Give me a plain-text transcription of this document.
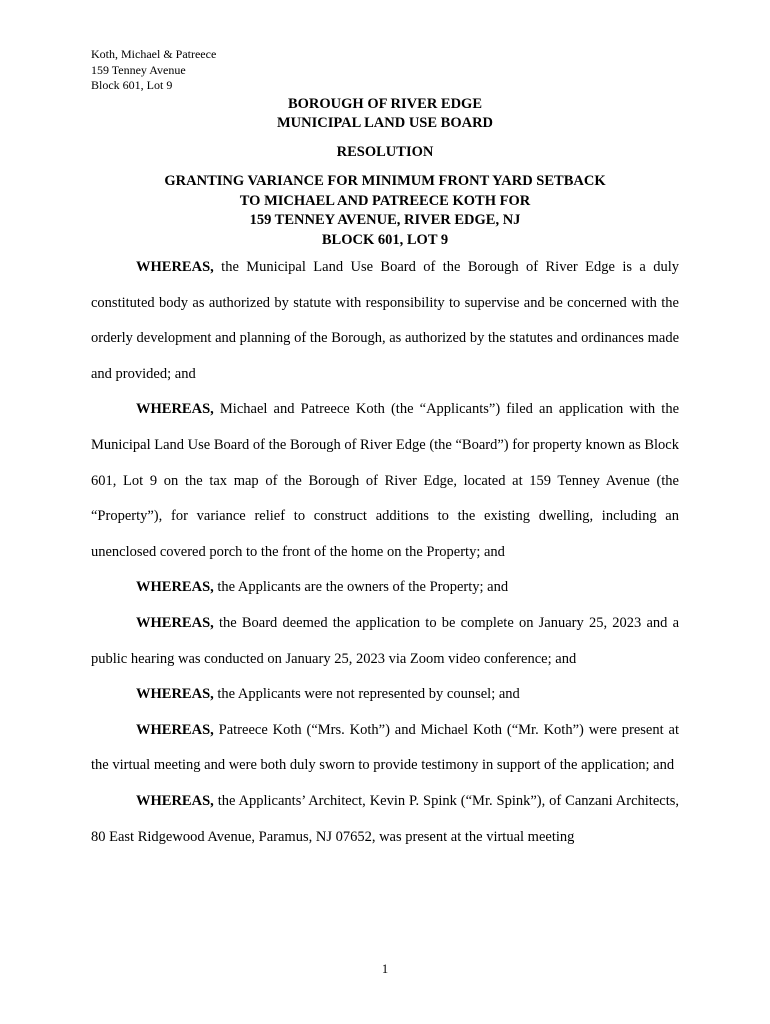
Koth, Michael & Patreece
159 Tenney Avenue
Block 601, Lot 9
BOROUGH OF RIVER EDGE
MUNICIPAL LAND USE BOARD
RESOLUTION
GRANTING VARIANCE FOR MINIMUM FRONT YARD SETBACK
TO MICHAEL AND PATREECE KOTH FOR
159 TENNEY AVENUE, RIVER EDGE, NJ
BLOCK 601, LOT 9

WHEREAS, the Municipal Land Use Board of the Borough of River Edge is a duly constituted body as authorized by statute with responsibility to supervise and be concerned with the orderly development and planning of the Borough, as authorized by the statutes and ordinances made and provided; and

WHEREAS, Michael and Patreece Koth (the “Applicants”) filed an application with the Municipal Land Use Board of the Borough of River Edge (the “Board”) for property known as Block 601, Lot 9 on the tax map of the Borough of River Edge, located at 159 Tenney Avenue (the “Property”), for variance relief to construct additions to the existing dwelling, including an unenclosed covered porch to the front of the home on the Property; and

WHEREAS, the Applicants are the owners of the Property; and

WHEREAS, the Board deemed the application to be complete on January 25, 2023 and a public hearing was conducted on January 25, 2023 via Zoom video conference; and

WHEREAS, the Applicants were not represented by counsel; and

WHEREAS, Patreece Koth (“Mrs. Koth”) and Michael Koth (“Mr. Koth”) were present at the virtual meeting and were both duly sworn to provide testimony in support of the application; and

WHEREAS, the Applicants’ Architect, Kevin P. Spink (“Mr. Spink”), of Canzani Architects, 80 East Ridgewood Avenue, Paramus, NJ 07652, was present at the virtual meeting

1
